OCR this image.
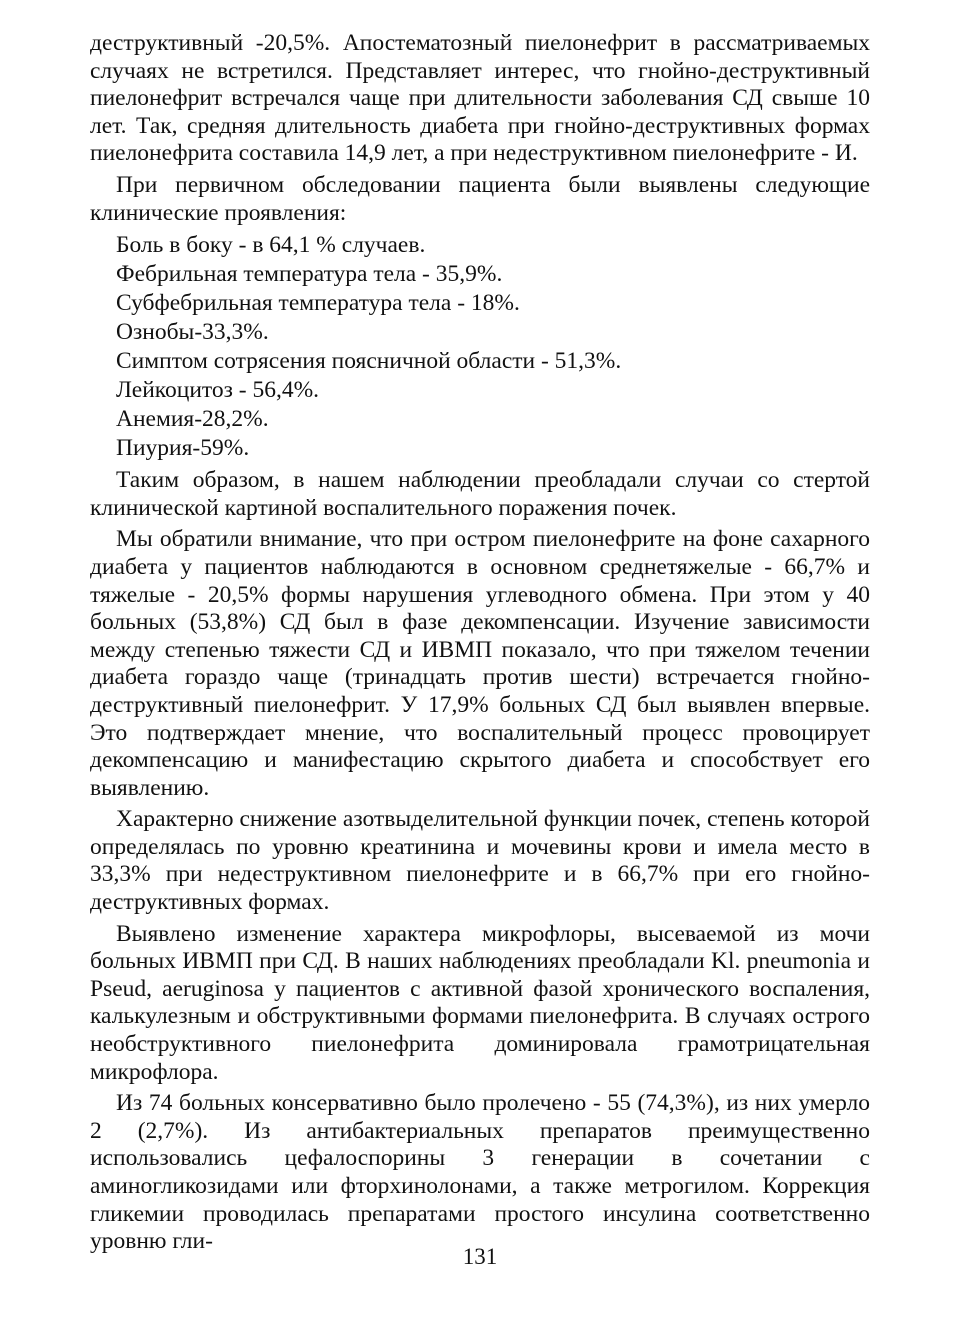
деструктивный -20,5%. Апостематозный пиелонефрит в рассматриваемых случаях не встретился. Представляет интерес, что гнойно-деструктивный пиелонефрит встречался чаще при длительности заболевания СД свыше 10 лет. Так, средняя длительность диабета при гнойно-деструктивных формах пиелонефрита составила 14,9 лет, а при недеструктивном пиелонефрите - И.

При первичном обследовании пациента были выявлены следующие клинические проявления:

Боль в боку - в 64,1 % случаев.
Фебрильная температура тела - 35,9%.
Субфебрильная температура тела - 18%.
Ознобы-33,3%.
Симптом сотрясения поясничной области - 51,3%.
Лейкоцитоз - 56,4%.
Анемия-28,2%.
Пиурия-59%.

Таким образом, в нашем наблюдении преобладали случаи со стертой клинической картиной воспалительного поражения почек.

Мы обратили внимание, что при остром пиелонефрите на фоне сахарного диабета у пациентов наблюдаются в основном среднетяжелые - 66,7% и тяжелые - 20,5% формы нарушения углеводного обмена. При этом у 40 больных (53,8%) СД был в фазе декомпенсации. Изучение зависимости между степенью тяжести СД и ИВМП показало, что при тяжелом течении диабета гораздо чаще (тринадцать против шести) встречается гнойно-деструктивный пиелонефрит. У 17,9% больных СД был выявлен впервые. Это подтверждает мнение, что воспалительный процесс провоцирует декомпенсацию и манифестацию скрытого диабета и способствует его выявлению.

Характерно снижение азотвыделительной функции почек, степень которой определялась по уровню креатинина и мочевины крови и имела место в 33,3% при недеструктивном пиелонефрите и в 66,7% при его гнойно-деструктивных формах.

Выявлено изменение характера микрофлоры, высеваемой из мочи больных ИВМП при СД. В наших наблюдениях преобладали Kl. pneumonia и Pseud, aeruginosa у пациентов с активной фазой хронического воспаления, калькулезным и обструктивными формами пиелонефрита. В случаях острого необструктивного пиелонефрита доминировала грамотрицательная микрофлора.

Из 74 больных консервативно было пролечено - 55 (74,3%), из них умерло 2 (2,7%). Из антибактериальных препаратов преимущественно использовались цефалоспорины 3 генерации в сочетании с аминогликозидами или фторхинолонами, а также метрогилом. Коррекция гликемии проводилась препаратами простого инсулина соответственно уровню гли-

131
